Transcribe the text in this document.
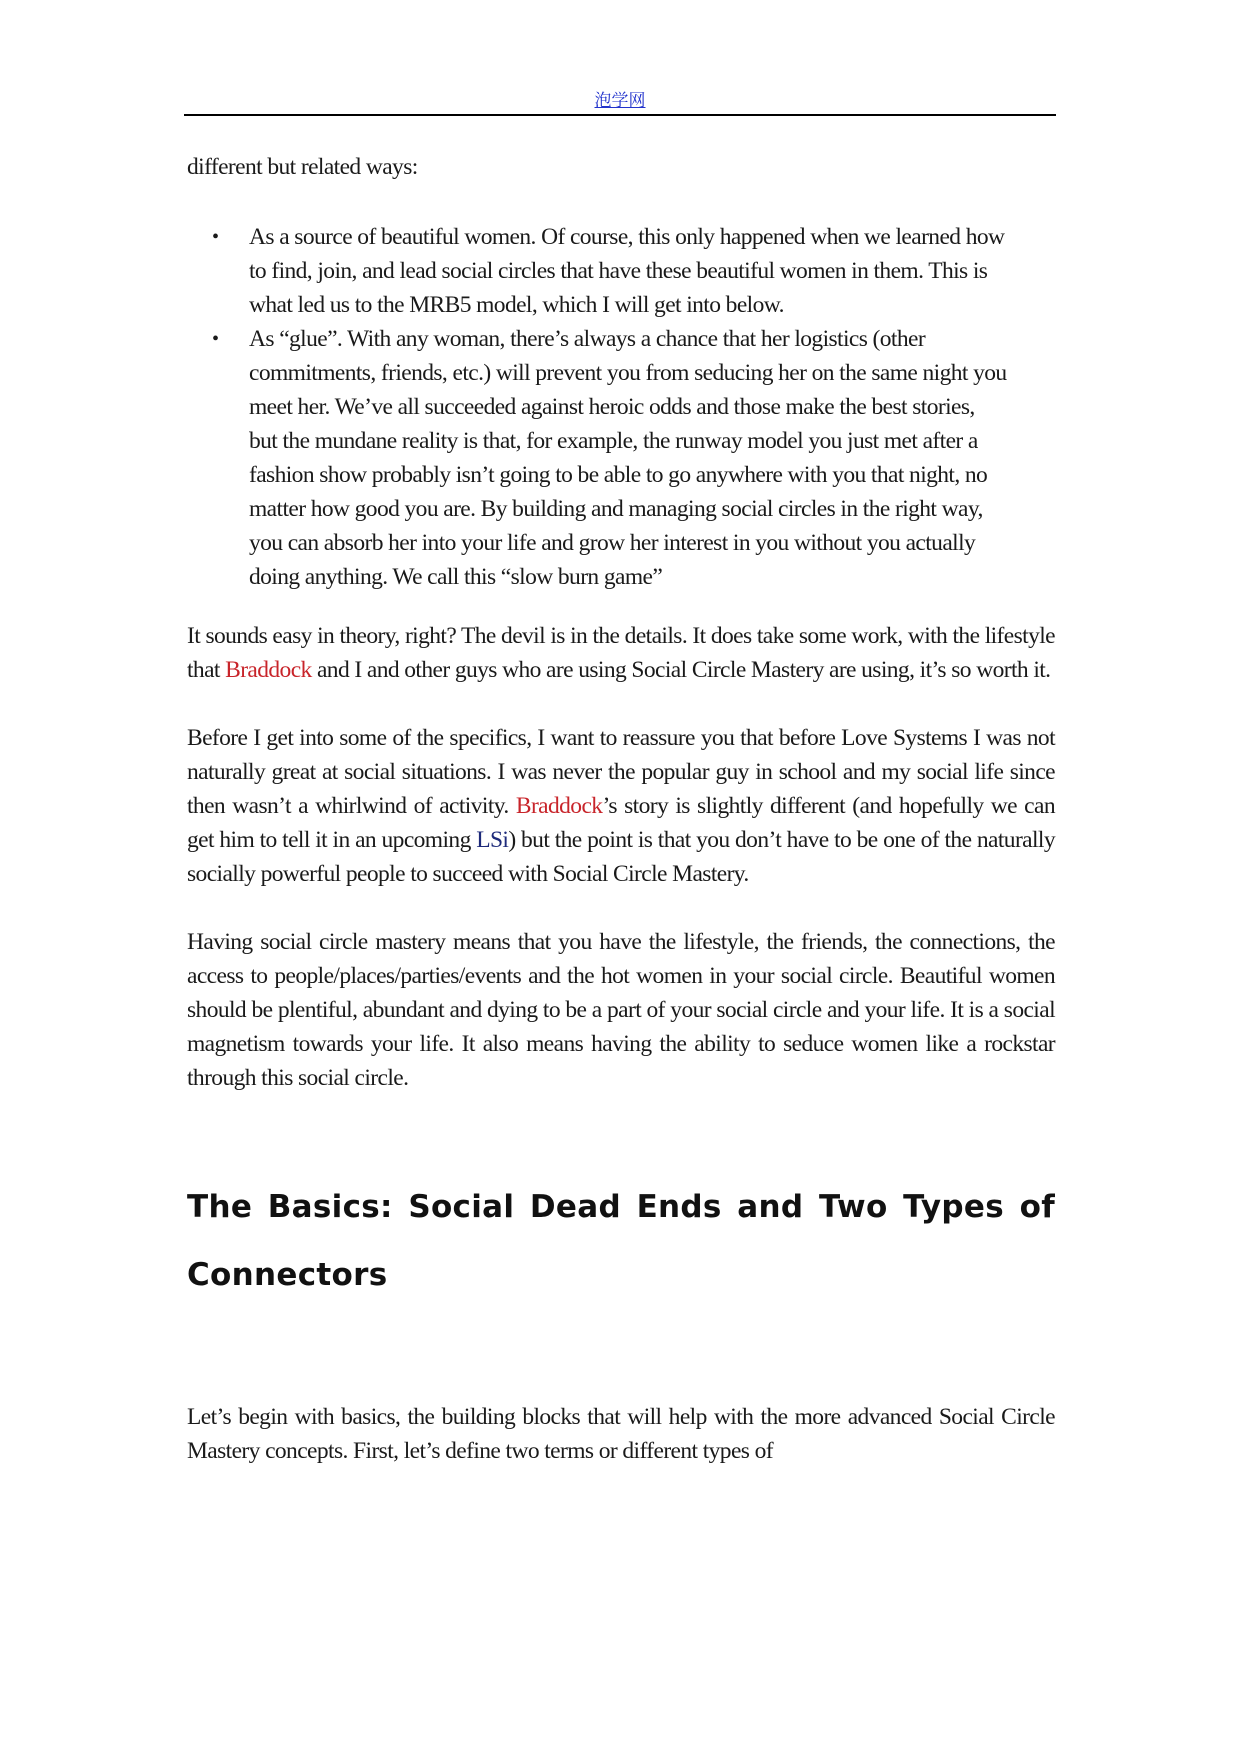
泡学网

different but related ways:

• As a source of beautiful women. Of course, this only happened when we learned how to find, join, and lead social circles that have these beautiful women in them. This is what led us to the MRB5 model, which I will get into below.
• As “glue”. With any woman, there’s always a chance that her logistics (other commitments, friends, etc.) will prevent you from seducing her on the same night you meet her. We’ve all succeeded against heroic odds and those make the best stories, but the mundane reality is that, for example, the runway model you just met after a fashion show probably isn’t going to be able to go anywhere with you that night, no matter how good you are. By building and managing social circles in the right way, you can absorb her into your life and grow her interest in you without you actually doing anything. We call this “slow burn game”

It sounds easy in theory, right? The devil is in the details. It does take some work, with the lifestyle that Braddock and I and other guys who are using Social Circle Mastery are using, it’s so worth it.

Before I get into some of the specifics, I want to reassure you that before Love Systems I was not naturally great at social situations. I was never the popular guy in school and my social life since then wasn’t a whirlwind of activity. Braddock’s story is slightly different (and hopefully we can get him to tell it in an upcoming LSi) but the point is that you don’t have to be one of the naturally socially powerful people to succeed with Social Circle Mastery.

Having social circle mastery means that you have the lifestyle, the friends, the connections, the access to people/places/parties/events and the hot women in your social circle. Beautiful women should be plentiful, abundant and dying to be a part of your social circle and your life. It is a social magnetism towards your life. It also means having the ability to seduce women like a rockstar through this social circle.

The Basics: Social Dead Ends and Two Types of Connectors

Let’s begin with basics, the building blocks that will help with the more advanced Social Circle Mastery concepts. First, let’s define two terms or different types of
